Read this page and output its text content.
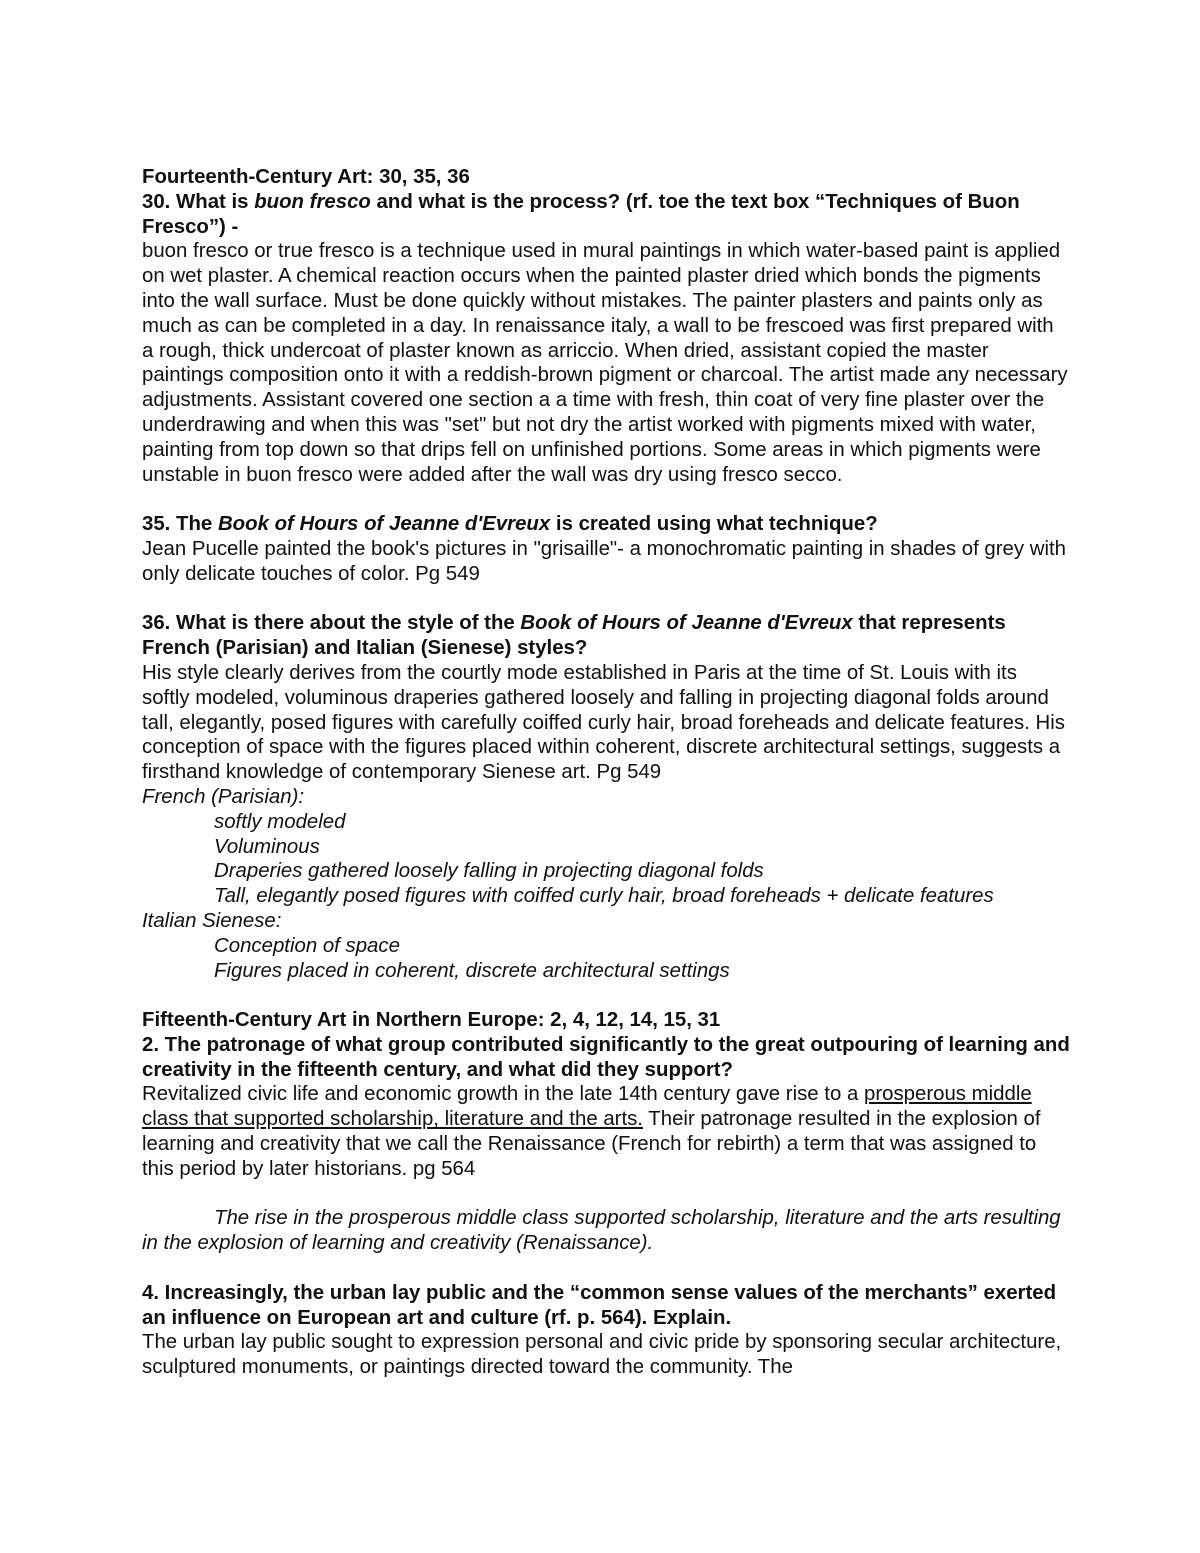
Fourteenth-Century Art: 30, 35, 36

30. What is buon fresco and what is the process? (rf. toe the text box “Techniques of Buon Fresco”) -

buon fresco or true fresco is a technique used in mural paintings in which water-based paint is applied on wet plaster. A chemical reaction occurs when the painted plaster dried which bonds the pigments into the wall surface. Must be done quickly without mistakes. The painter plasters and paints only as much as can be completed in a day. In renaissance italy, a wall to be frescoed was first prepared with a rough, thick undercoat of plaster known as arriccio. When dried, assistant copied the master paintings composition onto it with a reddish-brown pigment or charcoal. The artist made any necessary adjustments. Assistant covered one section a a time with fresh, thin coat of very fine plaster over the underdrawing and when this was "set" but not dry the artist worked with pigments mixed with water, painting from top down so that drips fell on unfinished portions. Some areas in which pigments were unstable in buon fresco were added after the wall was dry using fresco secco.

35. The Book of Hours of Jeanne d'Evreux is created using what technique?

Jean Pucelle painted the book's pictures in "grisaille"- a monochromatic painting in shades of grey with only delicate touches of color. Pg 549

36. What is there about the style of the Book of Hours of Jeanne d'Evreux that represents French (Parisian) and Italian (Sienese) styles?

His style clearly derives from the courtly mode established in Paris at the time of St. Louis with its softly modeled, voluminous draperies gathered loosely and falling in projecting diagonal folds around tall, elegantly, posed figures with carefully coiffed curly hair, broad foreheads and delicate features. His conception of space with the figures placed within coherent, discrete architectural settings, suggests a firsthand knowledge of contemporary Sienese art. Pg 549

French (Parisian):

softly modeled

Voluminous

Draperies gathered loosely falling in projecting diagonal folds

Tall, elegantly posed figures with coiffed curly hair, broad foreheads + delicate features

Italian Sienese:

Conception of space

Figures placed in coherent, discrete architectural settings

Fifteenth-Century Art in Northern Europe: 2, 4, 12, 14, 15, 31

2. The patronage of what group contributed significantly to the great outpouring of learning and creativity in the fifteenth century, and what did they support?

Revitalized civic life and economic growth in the late 14th century gave rise to a prosperous middle class that supported scholarship, literature and the arts. Their patronage resulted in the explosion of learning and creativity that we call the Renaissance (French for rebirth) a term that was assigned to this period by later historians. pg 564

The rise in the prosperous middle class supported scholarship, literature and the arts resulting in the explosion of learning and creativity (Renaissance).

4. Increasingly, the urban lay public and the “common sense values of the merchants” exerted an influence on European art and culture (rf. p. 564). Explain.

The urban lay public sought to expression personal and civic pride by sponsoring secular architecture, sculptured monuments, or paintings directed toward the community. The
